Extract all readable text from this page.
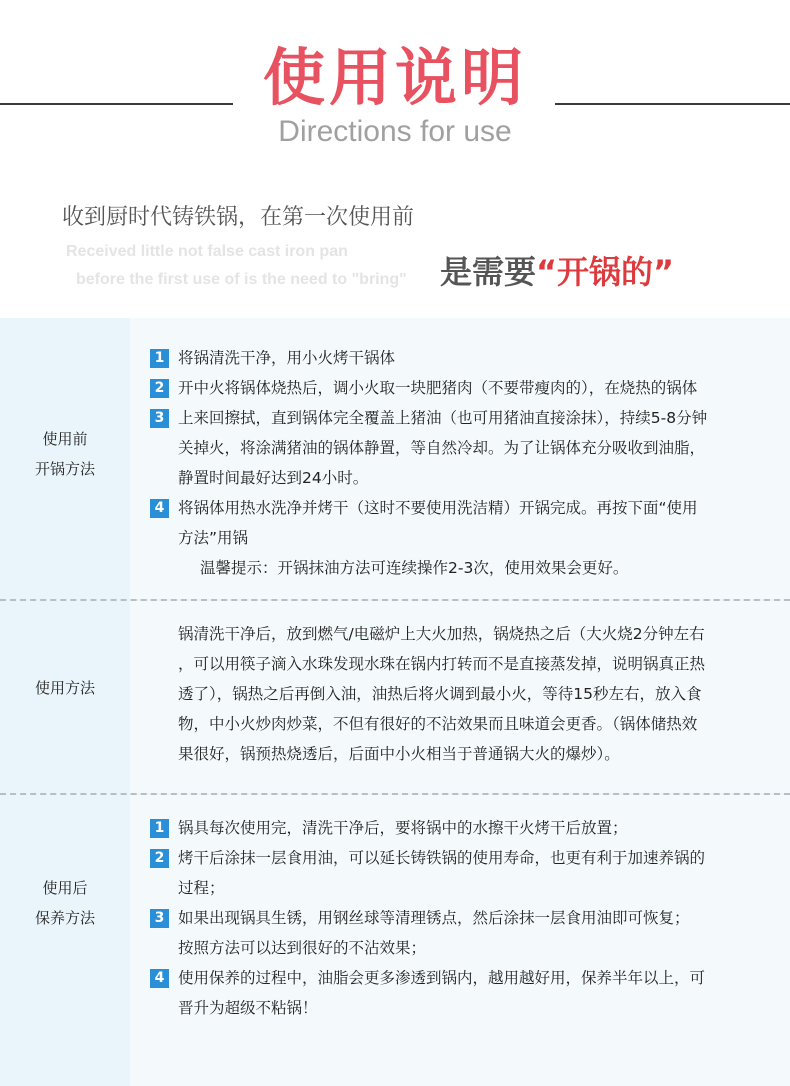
使用说明
Directions for use
收到厨时代铸铁锅，在第一次使用前
Received little not false cast iron pan
before the first use of is the need to "bring" 是需要“开锅的”
使用前
开锅方法
1 将锅清洗干净，用小火烤干锅体
2 开中火将锅体烧热后，调小火取一块肥猪肉（不要带瘦肉的），在烧热的锅体
3 上来回擦拭，直到锅体完全覆盖上猪油（也可用猪油直接涂抹），持续5-8分钟
关掉火，将涂满猪油的锅体静置，等自然冷却。为了让锅体充分吸收到油脂，
静置时间最好达到24小时。
4 将锅体用热水洗净并烤干（这时不要使用洗洁精）开锅完成。再按下面“使用
方法”用锅
温馨提示：开锅抹油方法可连续操作2-3次，使用效果会更好。
使用方法
锅清洗干净后，放到燃气/电磁炉上大火加热，锅烧热之后（大火烧2分钟左右
，可以用筷子滴入水珠发现水珠在锅内打转而不是直接蒸发掉，说明锅真正热
透了），锅热之后再倒入油，油热后将火调到最小火，等待15秒左右，放入食
物，中小火炒肉炒菜，不但有很好的不沾效果而且味道会更香。（锅体储热效
果很好，锅预热烧透后，后面中小火相当于普通锅大火的爆炒）。
使用后
保养方法
1 锅具每次使用完，清洗干净后，要将锅中的水擦干火烤干后放置；
2 烤干后涂抹一层食用油，可以延长铸铁锅的使用寿命，也更有利于加速养锅的
过程；
3 如果出现锅具生锈，用钢丝球等清理锈点，然后涂抹一层食用油即可恢复；
按照方法可以达到很好的不沾效果；
4 使用保养的过程中，油脂会更多渗透到锅内，越用越好用，保养半年以上，可
晋升为超级不粘锅！
